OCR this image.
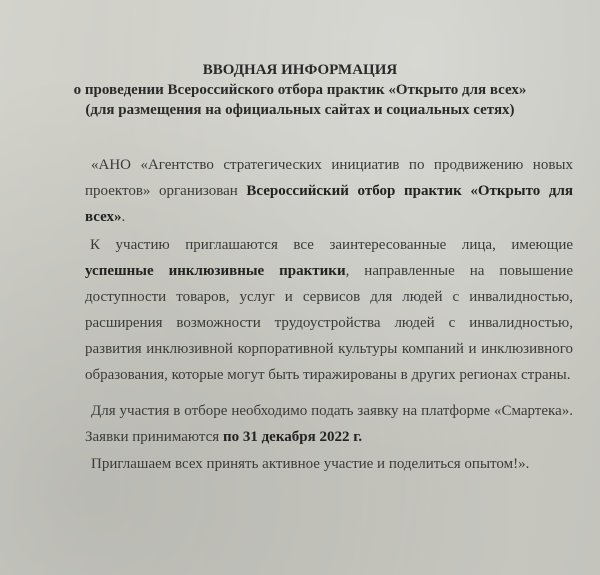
ВВОДНАЯ ИНФОРМАЦИЯ
о проведении Всероссийского отбора практик «Открыто для всех»
(для размещения на официальных сайтах и социальных сетях)

«АНО «Агентство стратегических инициатив по продвижению новых проектов» организован Всероссийский отбор практик «Открыто для всех».

К участию приглашаются все заинтересованные лица, имеющие успешные инклюзивные практики, направленные на повышение доступности товаров, услуг и сервисов для людей с инвалидностью, расширения возможности трудоустройства людей с инвалидностью, развития инклюзивной корпоративной культуры компаний и инклюзивного образования, которые могут быть тиражированы в других регионах страны.

Для участия в отборе необходимо подать заявку на платформе «Смартека». Заявки принимаются по 31 декабря 2022 г.

Приглашаем всех принять активное участие и поделиться опытом!».
